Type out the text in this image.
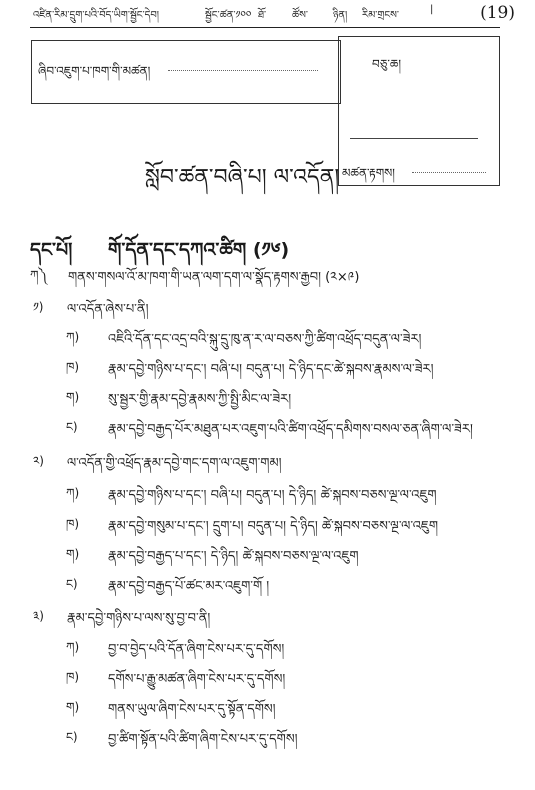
འཛིན་རིམ་དྲུག་པའི་བོད་ཡིག་སྦྱོང་དེབ།	སྦྱོང་ཚན་༡༠༠ ཐོ་	ཚོས་	ཉིན། རིམ་གྲངས་
|	(19)
ཞིབ་འཇུག་པ་ཁག་གི་མཚན།	བཅུ་ཆ།
མཚན་རྟགས།
སློབ་ཚན་བཞི་པ། ལ་འདོན།
དང་པོ། གོ་དོན་དང་དཀའ་ཚིག (༡༦)
ཀ༽ གནས་གསལ་འོ་མ་ཁག་གི་ཡན་ལག་དག་ལ་སྣོད་རྟགས་རྒྱབ། (༢×༩)
༡) ལ་འདོན་ཞེས་པ་ནི།
ཀ) འཇིའི་དོན་དང་འདྲ་བའི་སྐུ་དྲུ་ཁུ་ན་ར་ལ་བཅས་ཀྱི་ཚིག་འཕྲོད་བདུན་ལ་ཟེར།
ཁ) རྣམ་དབྱེ་གཉིས་པ་དང་། བཞི་པ། བདུན་པ། དེ་ཉིད་དང་ཚེ་སྐབས་རྣམས་ལ་ཟེར།
ག) སུ་སྦྱར་གྱི་རྣམ་དབྱེ་རྣམས་ཀྱི་སྤྱི་མིང་ལ་ཟེར།
ང) རྣམ་དབྱེ་བརྒྱད་པོར་མཐུན་པར་འཇུག་པའི་ཚིག་འཕྲོད་དམིགས་བསལ་ཅན་ཞིག་ལ་ཟེར།
༢) ལ་འདོན་གྱི་འཕྲོད་རྣམ་དབྱེ་གང་དག་ལ་འཇུག་གམ།
ཀ) རྣམ་དབྱེ་གཉིས་པ་དང་། བཞི་པ། བདུན་པ། དེ་ཉིད། ཚེ་སྐབས་བཅས་ལྔ་ལ་འཇུག
ཁ) རྣམ་དབྱེ་གསུམ་པ་དང་། དྲུག་པ། བདུན་པ། དེ་ཉིད། ཚེ་སྐབས་བཅས་ལྔ་ལ་འཇུག
ག) རྣམ་དབྱེ་བརྒྱད་པ་དང་། དེ་ཉིད། ཚེ་སྐབས་བཅས་ལྔ་ལ་འཇུག
ང) རྣམ་དབྱེ་བརྒྱད་པོ་ཚང་མར་འཇུག་གོ །
༣) རྣམ་དབྱེ་གཉིས་པ་ལས་སུ་བྱ་བ་ནི།
ཀ) བྱ་བ་བྱེད་པའི་དོན་ཞིག་ངེས་པར་དུ་དགོས།
ཁ) དགོས་པ་རྒྱུ་མཚན་ཞིག་ངེས་པར་དུ་དགོས།
ག) གནས་ཡུལ་ཞིག་ངེས་པར་དུ་སྟོན་དགོས།
ང) བྱ་ཚིག་སྟོན་པའི་ཚིག་ཞིག་ངེས་པར་དུ་དགོས།
